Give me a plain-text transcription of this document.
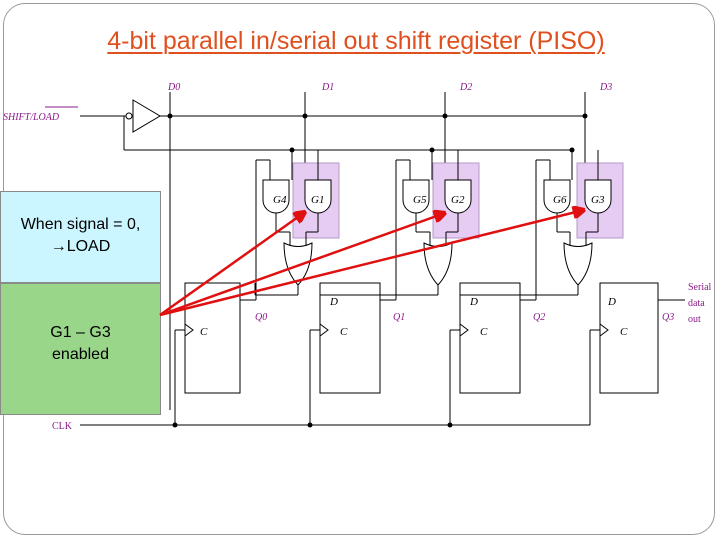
4-bit parallel in/serial out shift register (PISO)
D0	D1	D2	D3
SHIFT/LOAD
G4 G1	G5 G2	G6 G3
D	D	D
C	C	C	C
Q0	Q1	Q2	Q3
Serial
data
out
CLK
When signal = 0,
→LOAD
G1 – G3
enabled
